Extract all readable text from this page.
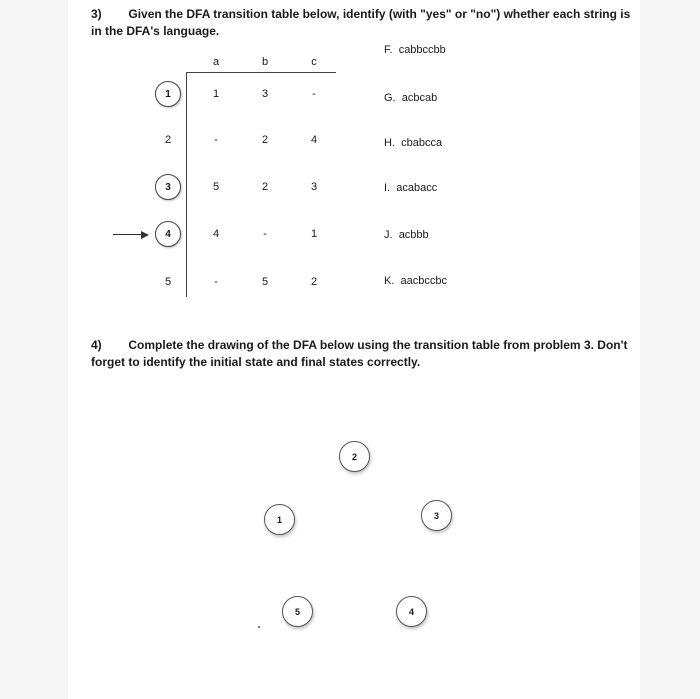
3) Given the DFA transition table below, identify (with "yes" or "no") whether each string is
in the DFA's language.
a	b	c
1	1	3	-
2	-	2	4
3	5	2	3
4	4	-	1
5	-	5	2
F. cabbccbb
G. acbcab
H. cbabcca
I. acabacc
J. acbbb
K. aacbccbc
4) Complete the drawing of the DFA below using the transition table from problem 3. Don't
forget to identify the initial state and final states correctly.
2
1	3
5	4
